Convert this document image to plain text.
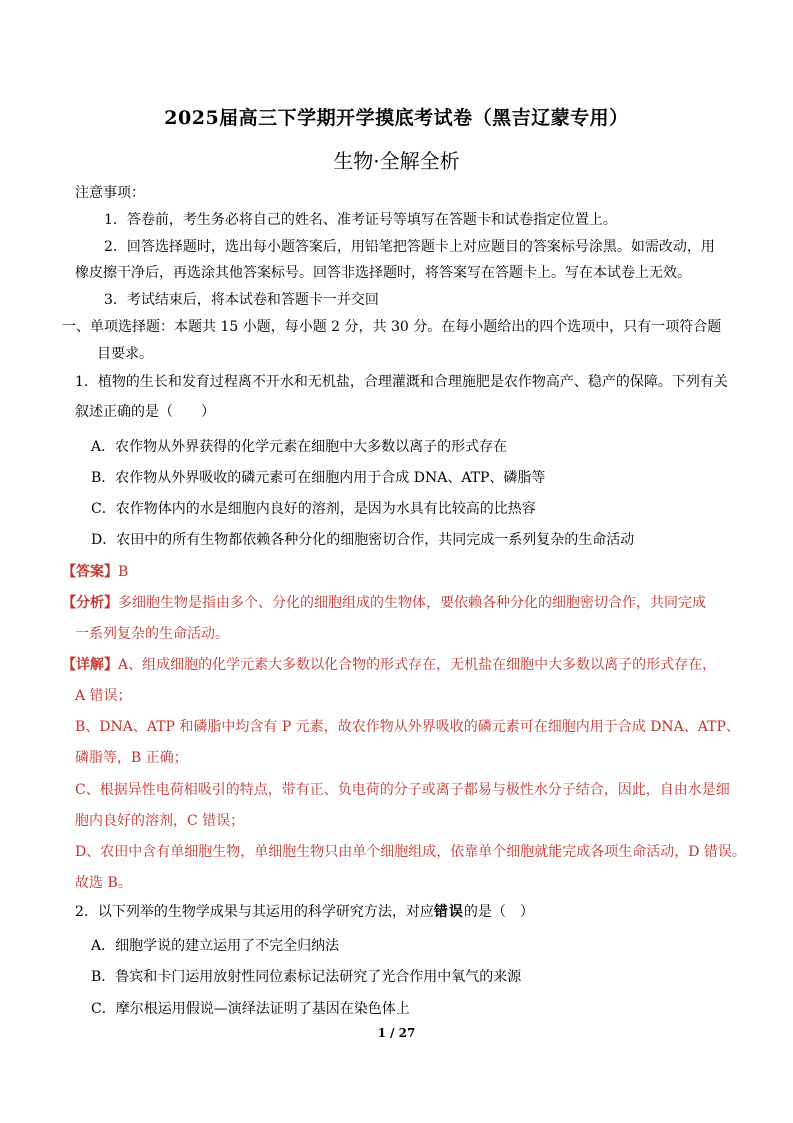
2025届高三下学期开学摸底考试卷（黑吉辽蒙专用）
生物·全解全析
注意事项：
1．答卷前，考生务必将自己的姓名、准考证号等填写在答题卡和试卷指定位置上。
2．回答选择题时，选出每小题答案后，用铅笔把答题卡上对应题目的答案标号涂黑。如需改动，用
橡皮擦干净后，再选涂其他答案标号。回答非选择题时，将答案写在答题卡上。写在本试卷上无效。
3．考试结束后，将本试卷和答题卡一并交回
一、单项选择题：本题共 15 小题，每小题 2 分，共 30 分。在每小题给出的四个选项中，只有一项符合题
目要求。
1．植物的生长和发育过程离不开水和无机盐，合理灌溉和合理施肥是农作物高产、稳产的保障。下列有关
叙述正确的是（　　）
A．农作物从外界获得的化学元素在细胞中大多数以离子的形式存在
B．农作物从外界吸收的磷元素可在细胞内用于合成 DNA、ATP、磷脂等
C．农作物体内的水是细胞内良好的溶剂，是因为水具有比较高的比热容
D．农田中的所有生物都依赖各种分化的细胞密切合作，共同完成一系列复杂的生命活动
【答案】B
【分析】多细胞生物是指由多个、分化的细胞组成的生物体，要依赖各种分化的细胞密切合作，共同完成
一系列复杂的生命活动。
【详解】A、组成细胞的化学元素大多数以化合物的形式存在，无机盐在细胞中大多数以离子的形式存在，
A 错误；
B、DNA、ATP 和磷脂中均含有 P 元素，故农作物从外界吸收的磷元素可在细胞内用于合成 DNA、ATP、
磷脂等，B 正确；
C、根据异性电荷相吸引的特点，带有正、负电荷的分子或离子都易与极性水分子结合，因此，自由水是细
胞内良好的溶剂，C 错误；
D、农田中含有单细胞生物，单细胞生物只由单个细胞组成，依靠单个细胞就能完成各项生命活动，D 错误。
故选 B。
2．以下列举的生物学成果与其运用的科学研究方法，对应错误的是（　）
A．细胞学说的建立运用了不完全归纳法
B．鲁宾和卡门运用放射性同位素标记法研究了光合作用中氧气的来源
C．摩尔根运用假说—演绎法证明了基因在染色体上
1 / 27
